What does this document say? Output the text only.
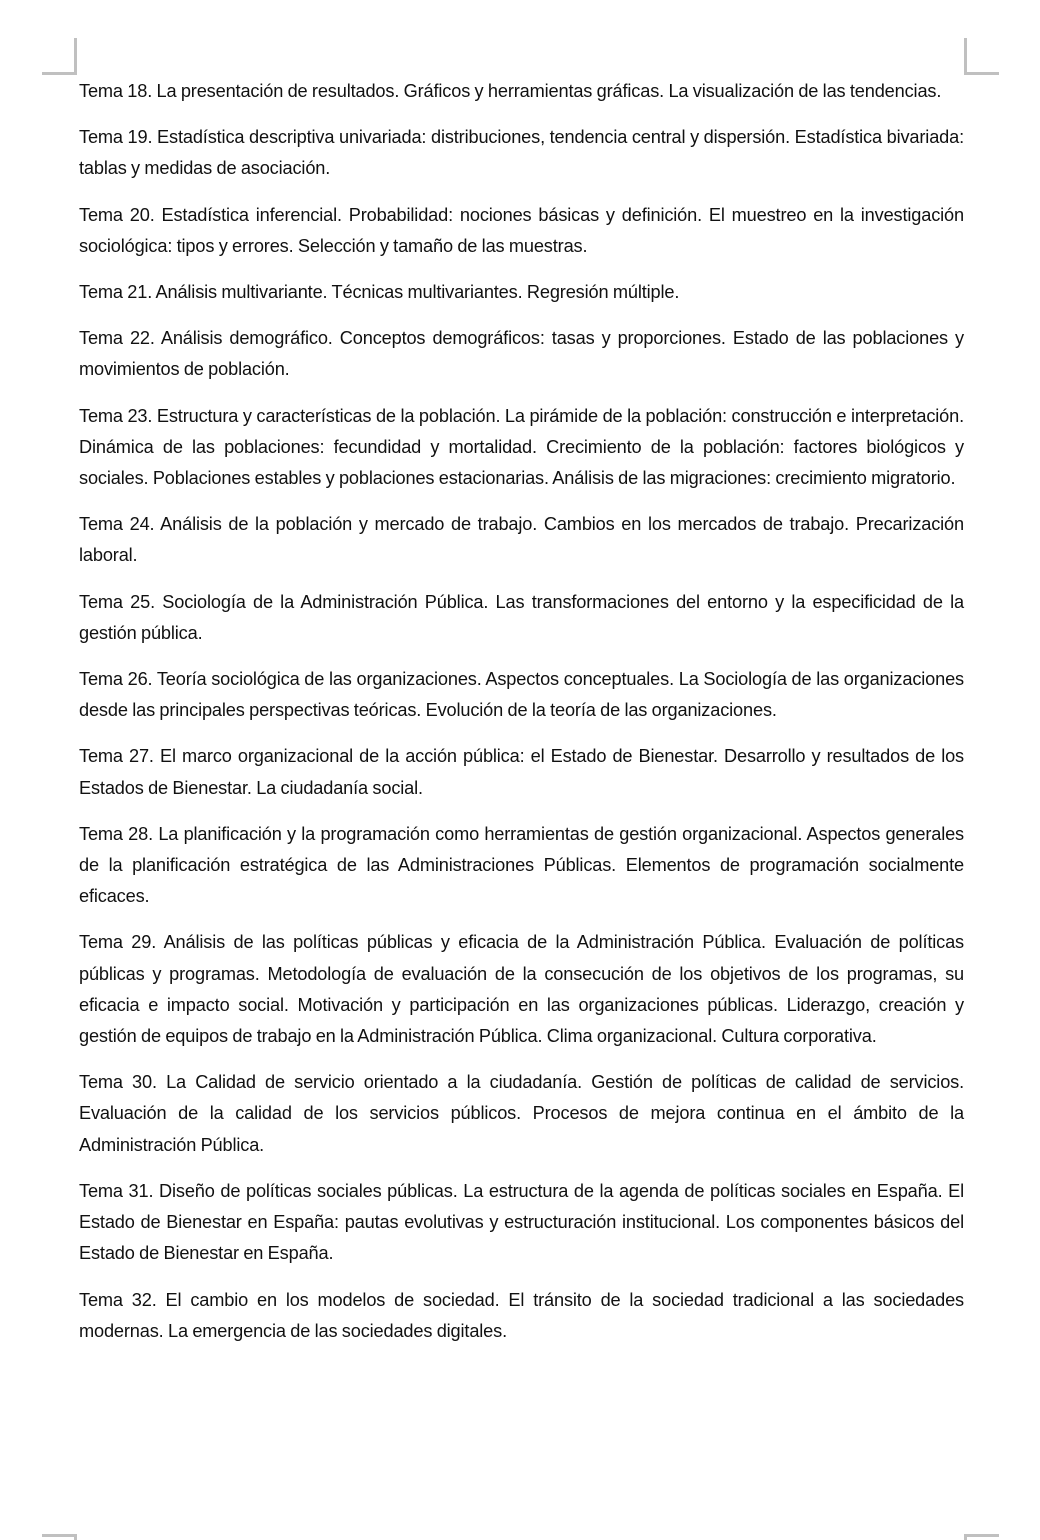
Tema 18. La presentación de resultados. Gráficos y herramientas gráficas. La visualización de las tendencias.

Tema 19. Estadística descriptiva univariada: distribuciones, tendencia central y dispersión. Estadística bivariada: tablas y medidas de asociación.

Tema 20. Estadística inferencial. Probabilidad: nociones básicas y definición. El muestreo en la investigación sociológica: tipos y errores. Selección y tamaño de las muestras.

Tema 21. Análisis multivariante. Técnicas multivariantes. Regresión múltiple.

Tema 22. Análisis demográfico. Conceptos demográficos: tasas y proporciones. Estado de las poblaciones y movimientos de población.

Tema 23. Estructura y características de la población. La pirámide de la población: construcción e interpretación. Dinámica de las poblaciones: fecundidad y mortalidad. Crecimiento de la población: factores biológicos y sociales. Poblaciones estables y poblaciones estacionarias. Análisis de las migraciones: crecimiento migratorio.

Tema 24. Análisis de la población y mercado de trabajo. Cambios en los mercados de trabajo. Precarización laboral.

Tema 25. Sociología de la Administración Pública. Las transformaciones del entorno y la especificidad de la gestión pública.

Tema 26. Teoría sociológica de las organizaciones. Aspectos conceptuales. La Sociología de las organizaciones desde las principales perspectivas teóricas. Evolución de la teoría de las organizaciones.

Tema 27. El marco organizacional de la acción pública: el Estado de Bienestar. Desarrollo y resultados de los Estados de Bienestar. La ciudadanía social.

Tema 28. La planificación y la programación como herramientas de gestión organizacional. Aspectos generales de la planificación estratégica de las Administraciones Públicas. Elementos de programación socialmente eficaces.

Tema 29. Análisis de las políticas públicas y eficacia de la Administración Pública. Evaluación de políticas públicas y programas. Metodología de evaluación de la consecución de los objetivos de los programas, su eficacia e impacto social. Motivación y participación en las organizaciones públicas. Liderazgo, creación y gestión de equipos de trabajo en la Administración Pública. Clima organizacional. Cultura corporativa.

Tema 30. La Calidad de servicio orientado a la ciudadanía. Gestión de políticas de calidad de servicios. Evaluación de la calidad de los servicios públicos. Procesos de mejora continua en el ámbito de la Administración Pública.

Tema 31. Diseño de políticas sociales públicas. La estructura de la agenda de políticas sociales en España. El Estado de Bienestar en España: pautas evolutivas y estructuración institucional. Los componentes básicos del Estado de Bienestar en España.

Tema 32. El cambio en los modelos de sociedad. El tránsito de la sociedad tradicional a las sociedades modernas. La emergencia de las sociedades digitales.
